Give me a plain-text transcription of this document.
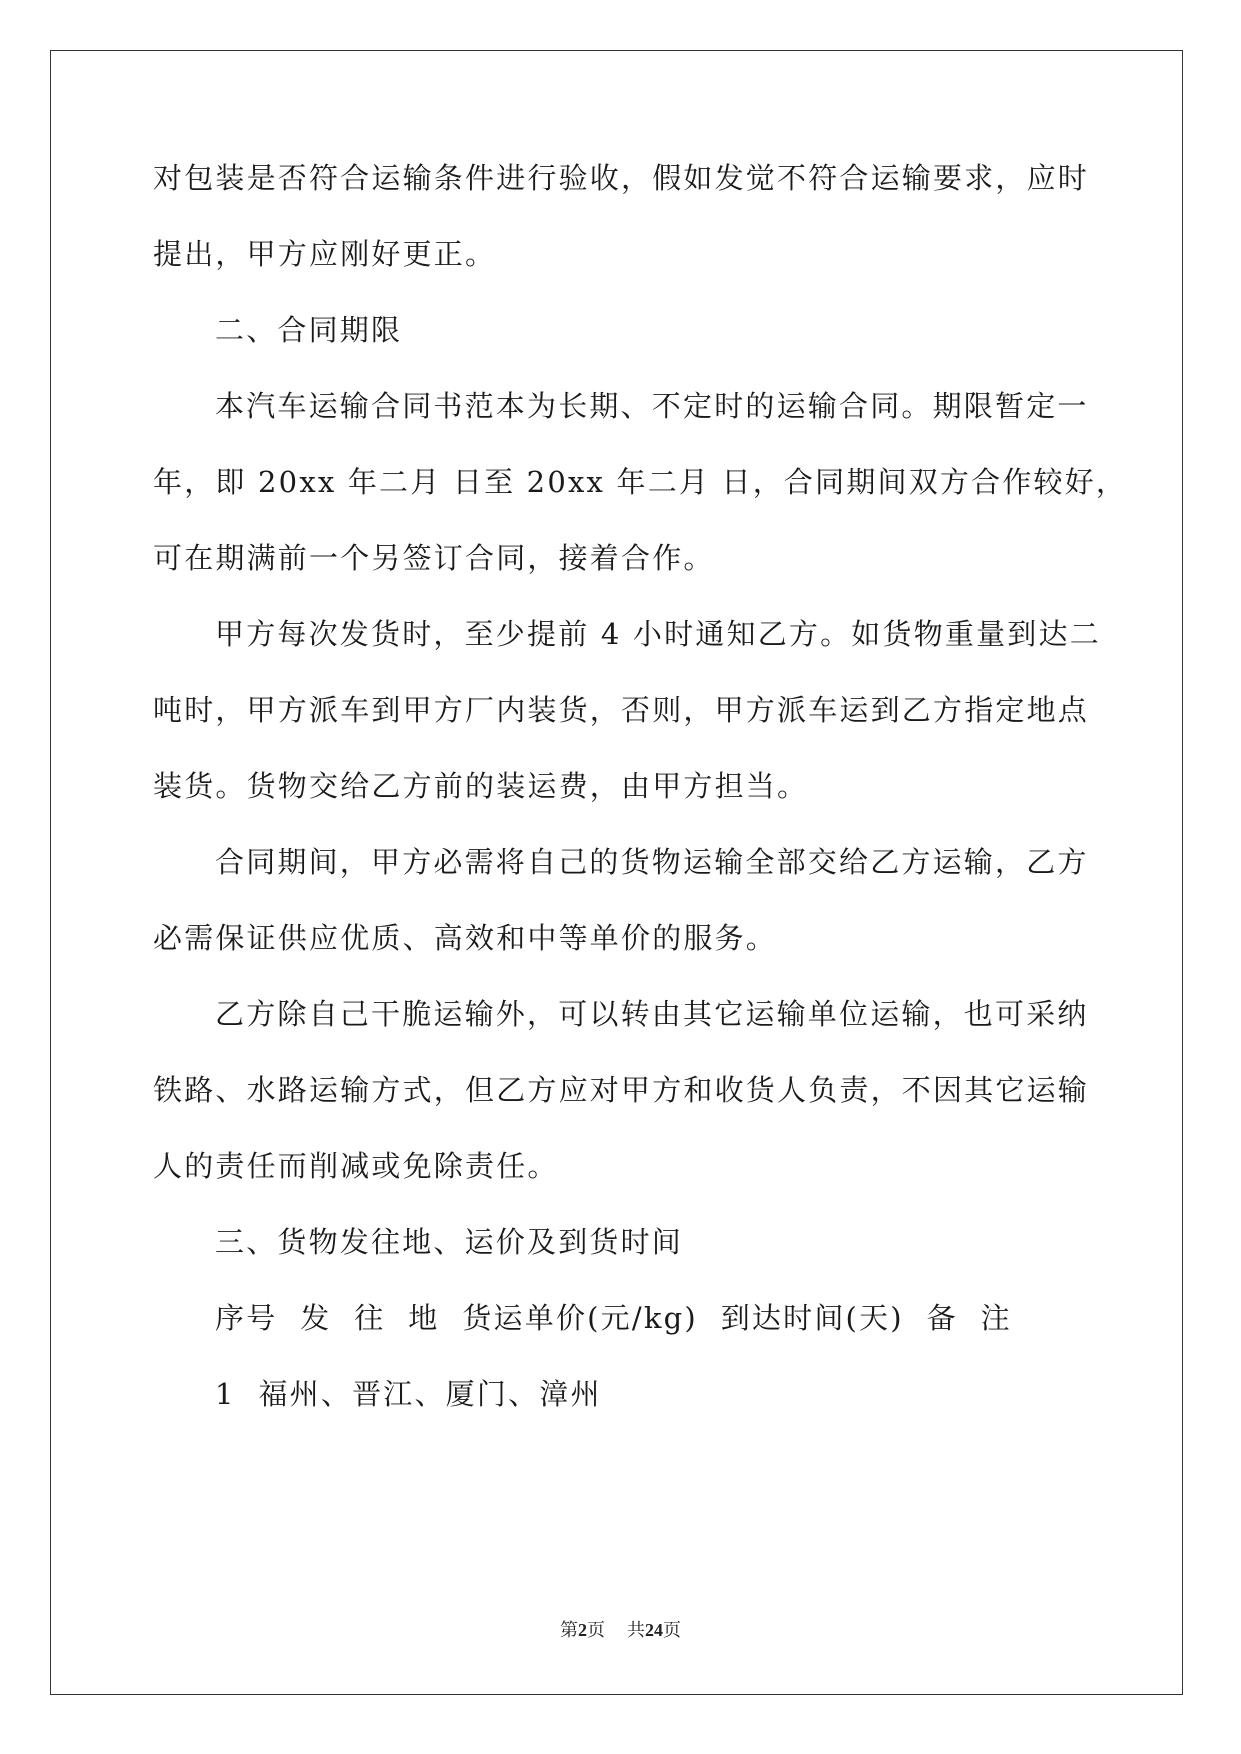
对包装是否符合运输条件进行验收，假如发觉不符合运输要求，应时
提出，甲方应刚好更正。
二、合同期限
本汽车运输合同书范本为长期、不定时的运输合同。期限暂定一
年，即 20xx 年二月 日至 20xx 年二月 日，合同期间双方合作较好，
可在期满前一个另签订合同，接着合作。
甲方每次发货时，至少提前 4 小时通知乙方。如货物重量到达二
吨时，甲方派车到甲方厂内装货，否则，甲方派车运到乙方指定地点
装货。货物交给乙方前的装运费，由甲方担当。
合同期间，甲方必需将自己的货物运输全部交给乙方运输，乙方
必需保证供应优质、高效和中等单价的服务。
乙方除自己干脆运输外，可以转由其它运输单位运输，也可采纳
铁路、水路运输方式，但乙方应对甲方和收货人负责，不因其它运输
人的责任而削减或免除责任。
三、货物发往地、运价及到货时间
序号  发  往  地  货运单价(元/kg)  到达时间(天)  备  注
1  福州、晋江、厦门、漳州
第2页 共24页
